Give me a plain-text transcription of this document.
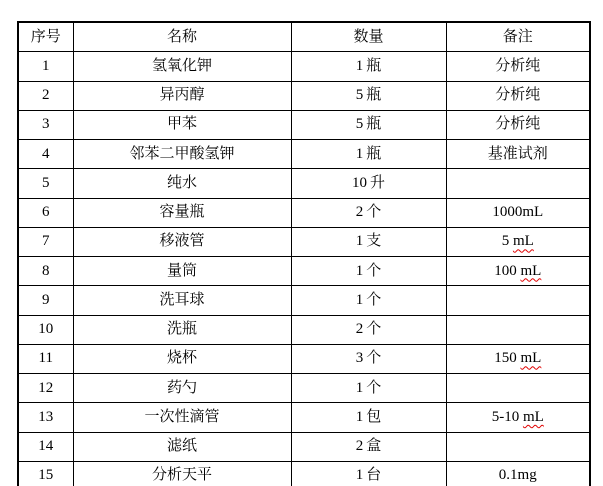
序号	名称	数量	备注
1	氢氧化钾	1 瓶	分析纯
2	异丙醇	5 瓶	分析纯
3	甲苯	5 瓶	分析纯
4	邻苯二甲酸氢钾	1 瓶	基准试剂
5	纯水	10 升	
6	容量瓶	2 个	1000mL
7	移液管	1 支	5 mL
8	量筒	1 个	100 mL
9	洗耳球	1 个	
10	洗瓶	2 个	
11	烧杯	3 个	150 mL
12	药勺	1 个	
13	一次性滴管	1 包	5-10 mL
14	滤纸	2 盒	
15	分析天平	1 台	0.1mg
